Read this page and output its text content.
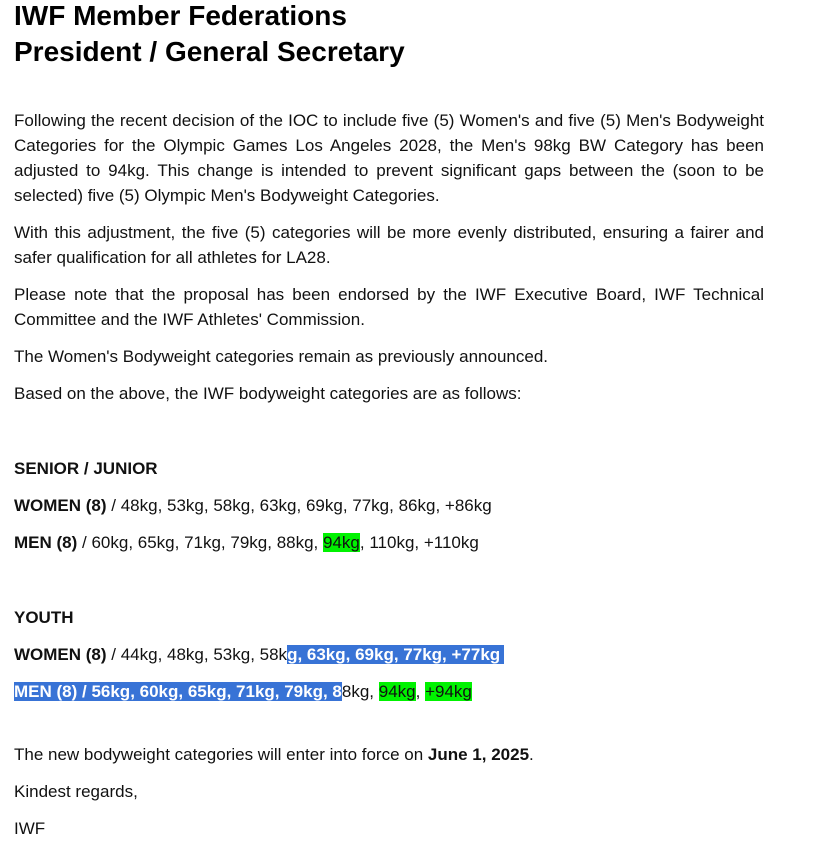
IWF Member Federations
President / General Secretary

Following the recent decision of the IOC to include five (5) Women's and five (5) Men's Bodyweight Categories for the Olympic Games Los Angeles 2028, the Men's 98kg BW Category has been adjusted to 94kg. This change is intended to prevent significant gaps between the (soon to be selected) five (5) Olympic Men's Bodyweight Categories.

With this adjustment, the five (5) categories will be more evenly distributed, ensuring a fairer and safer qualification for all athletes for LA28.

Please note that the proposal has been endorsed by the IWF Executive Board, IWF Technical Committee and the IWF Athletes' Commission.

The Women's Bodyweight categories remain as previously announced.

Based on the above, the IWF bodyweight categories are as follows:

SENIOR / JUNIOR

WOMEN (8) / 48kg, 53kg, 58kg, 63kg, 69kg, 77kg, 86kg, +86kg

MEN (8) / 60kg, 65kg, 71kg, 79kg, 88kg, 94kg, 110kg, +110kg

YOUTH

WOMEN (8) / 44kg, 48kg, 53kg, 58kg, 63kg, 69kg, 77kg, +77kg

MEN (8) / 56kg, 60kg, 65kg, 71kg, 79kg, 88kg, 94kg, +94kg

The new bodyweight categories will enter into force on June 1, 2025.

Kindest regards,

IWF
